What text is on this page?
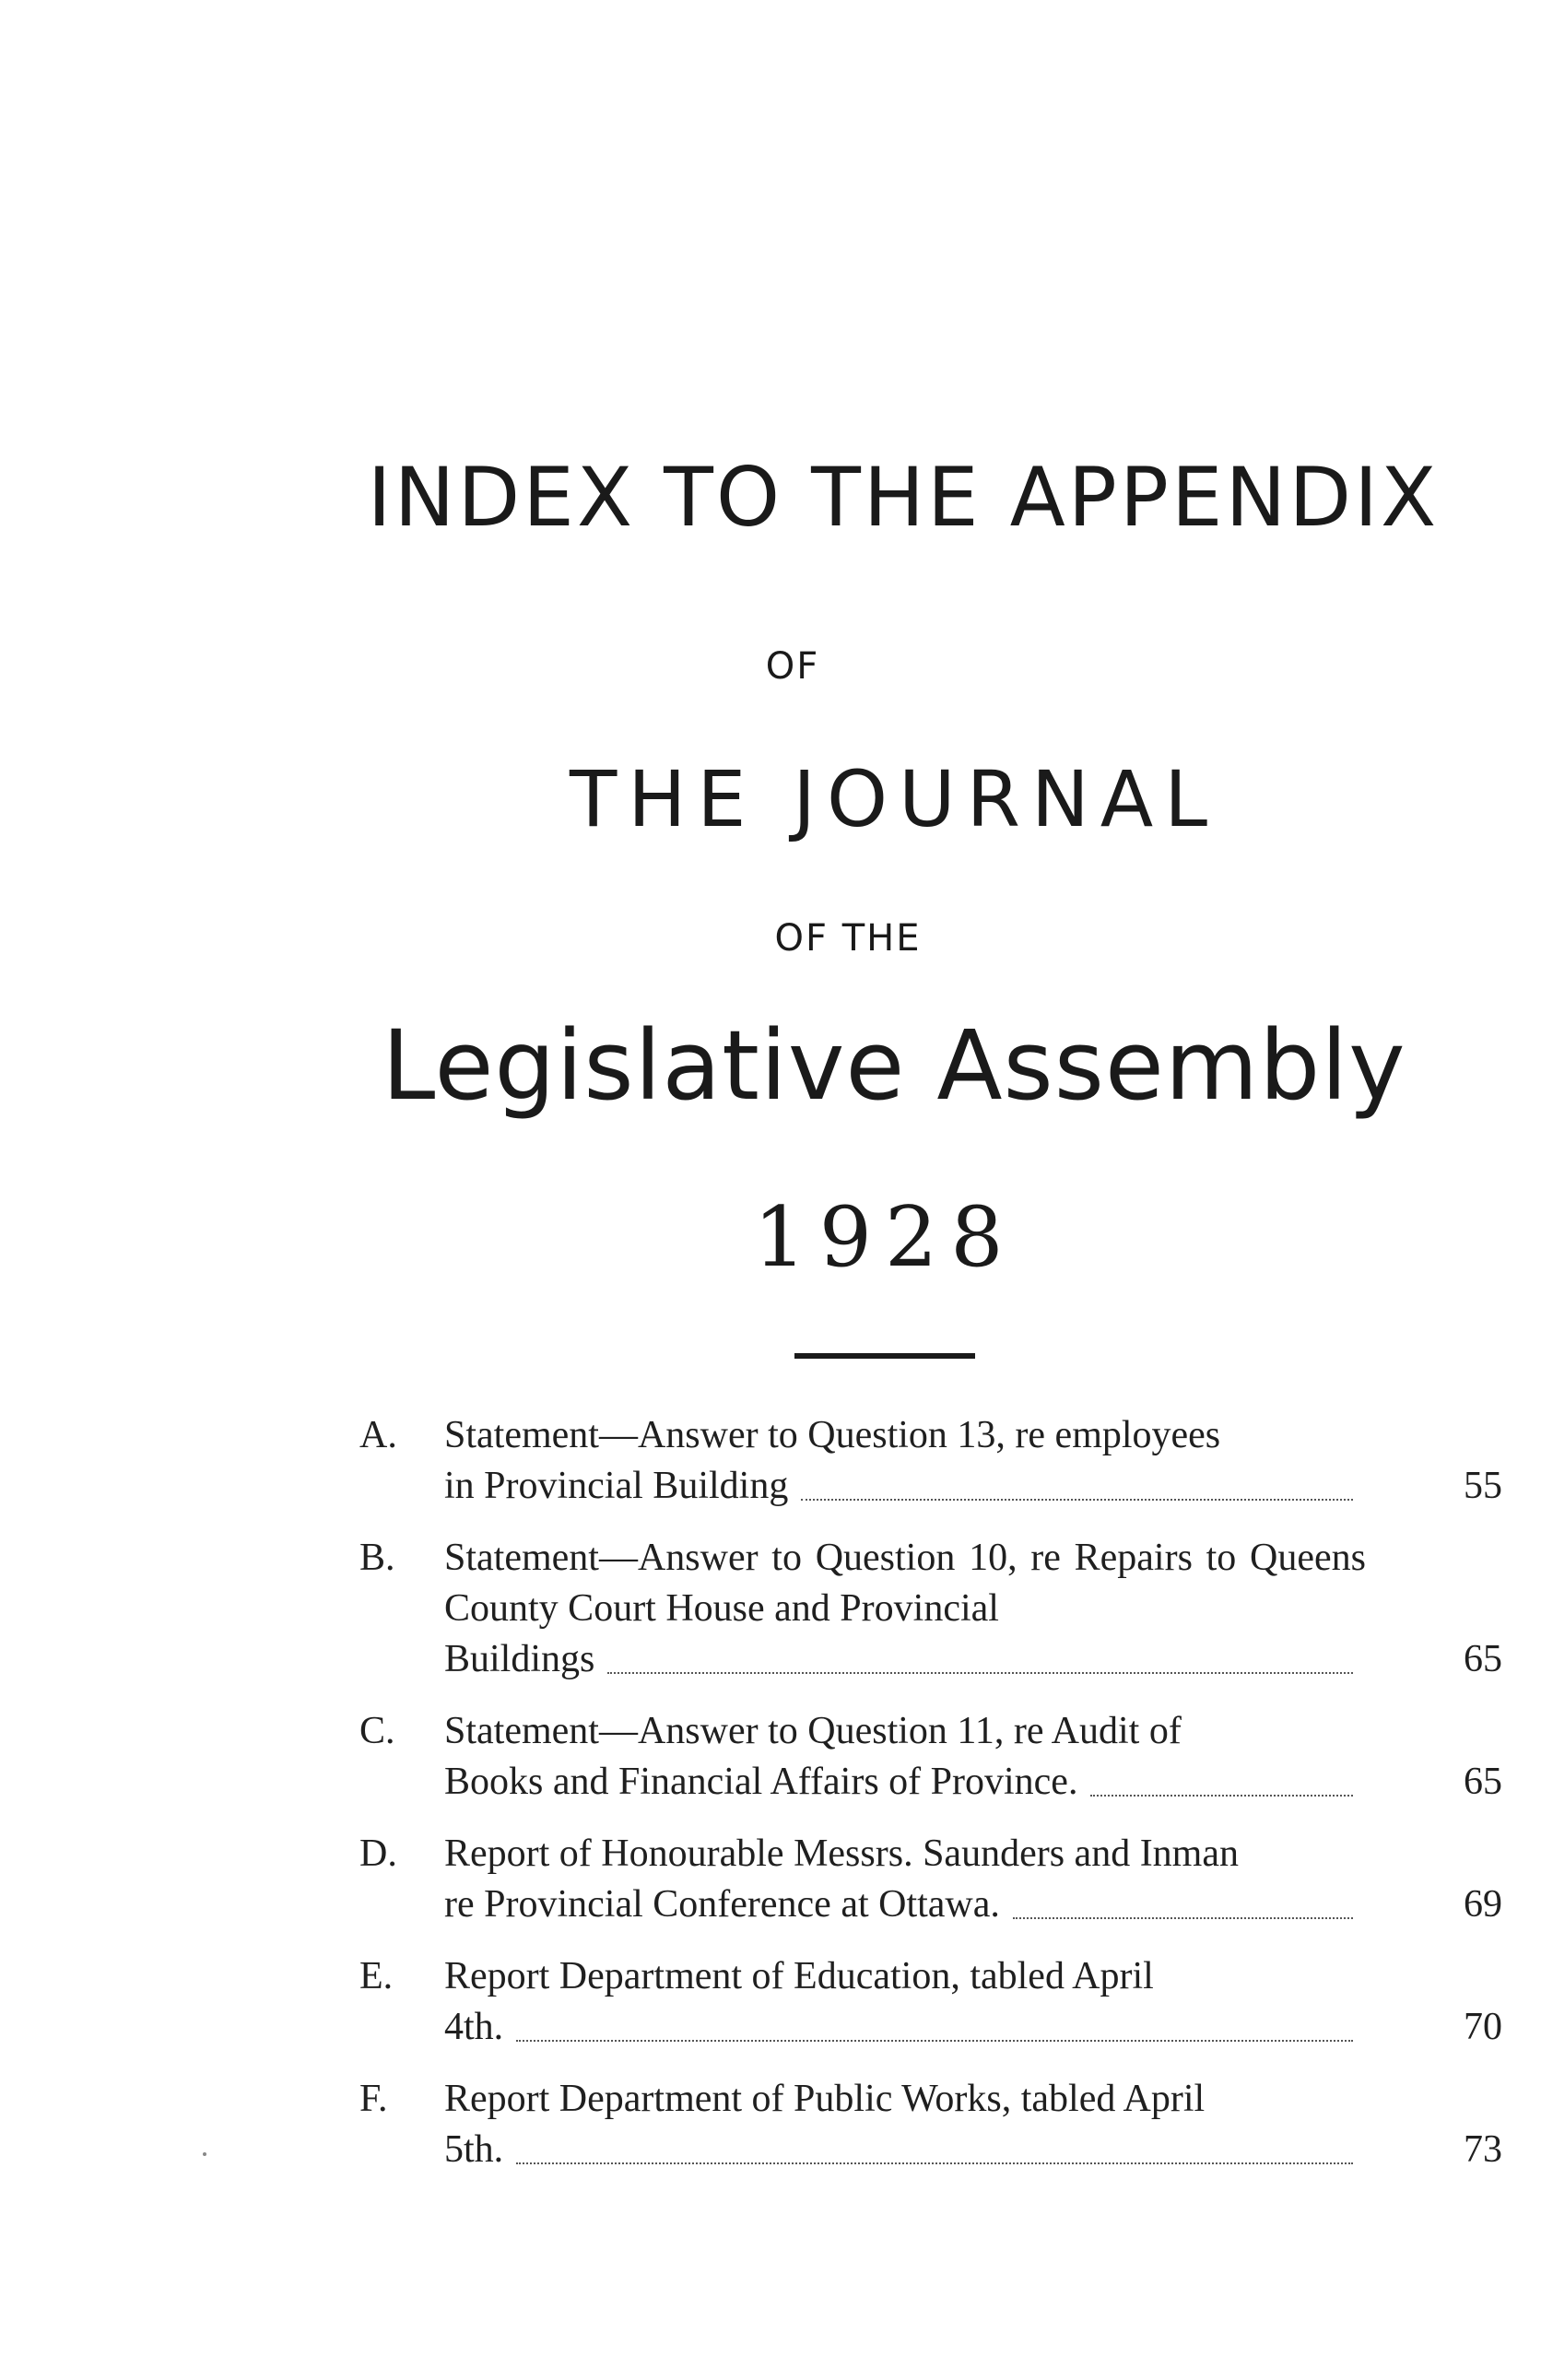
INDEX TO THE APPENDIX
OF
THE JOURNAL
OF THE
Legislative Assembly
1928
A.	Statement—Answer to Question 13, re employees
in Provincial Building	55
B.	Statement—Answer to Question 10, re Repairs to Queens County Court House and Provincial
Buildings	65
C.	Statement—Answer to Question 11, re Audit of
Books and Financial Affairs of Province.	65
D.	Report of Honourable Messrs. Saunders and Inman
re Provincial Conference at Ottawa.	69
E.	Report Department of Education, tabled April
4th.	70
F.	Report Department of Public Works, tabled April
5th.	73
